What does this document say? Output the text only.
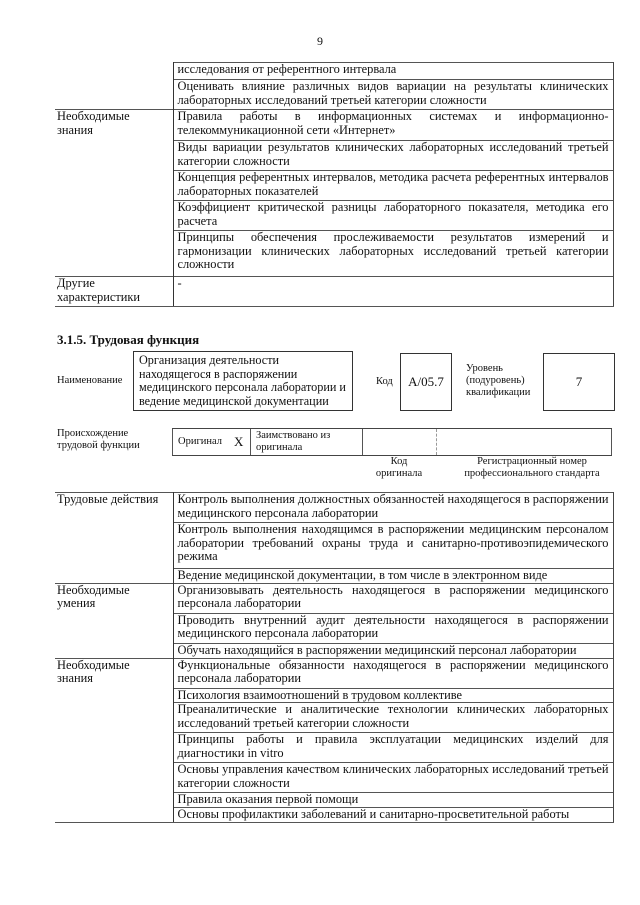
9
	исследования от референтного интервала
	Оценивать влияние различных видов вариации на результаты клинических лабораторных исследований третьей категории сложности
Необходимые знания	Правила работы в информационных системах и информационно-телекоммуникационной сети «Интернет»
	Виды вариации результатов клинических лабораторных исследований третьей категории сложности
	Концепция референтных интервалов, методика расчета референтных интервалов лабораторных показателей
	Коэффициент критической разницы лабораторного показателя, методика его расчета
	Принципы обеспечения прослеживаемости результатов измерений и гармонизации клинических лабораторных исследований третьей категории сложности
Другие характеристики	-
3.1.5. Трудовая функция
Наименование
Организация деятельности находящегося в распоряжении медицинского персонала лаборатории и ведение медицинской документации
Код А/05.7
Уровень (подуровень) квалификации
7
Происхождение трудовой функции	Оригинал X Заимствовано из оригинала
Код оригинала
Регистрационный номер профессионального стандарта
Трудовые действия	Контроль выполнения должностных обязанностей находящегося в распоряжении медицинского персонала лаборатории
	Контроль выполнения находящимся в распоряжении медицинским персоналом лаборатории требований охраны труда и санитарно-противоэпидемического режима
	Ведение медицинской документации, в том числе в электронном виде
Необходимые умения	Организовывать деятельность находящегося в распоряжении медицинского персонала лаборатории
	Проводить внутренний аудит деятельности находящегося в распоряжении медицинского персонала лаборатории
	Обучать находящийся в распоряжении медицинский персонал лаборатории
Необходимые знания	Функциональные обязанности находящегося в распоряжении медицинского персонала лаборатории
	Психология взаимоотношений в трудовом коллективе
	Преаналитические и аналитические технологии клинических лабораторных исследований третьей категории сложности
	Принципы работы и правила эксплуатации медицинских изделий для диагностики in vitro
	Основы управления качеством клинических лабораторных исследований третьей категории сложности
	Правила оказания первой помощи
	Основы профилактики заболеваний и санитарно-просветительной работы
